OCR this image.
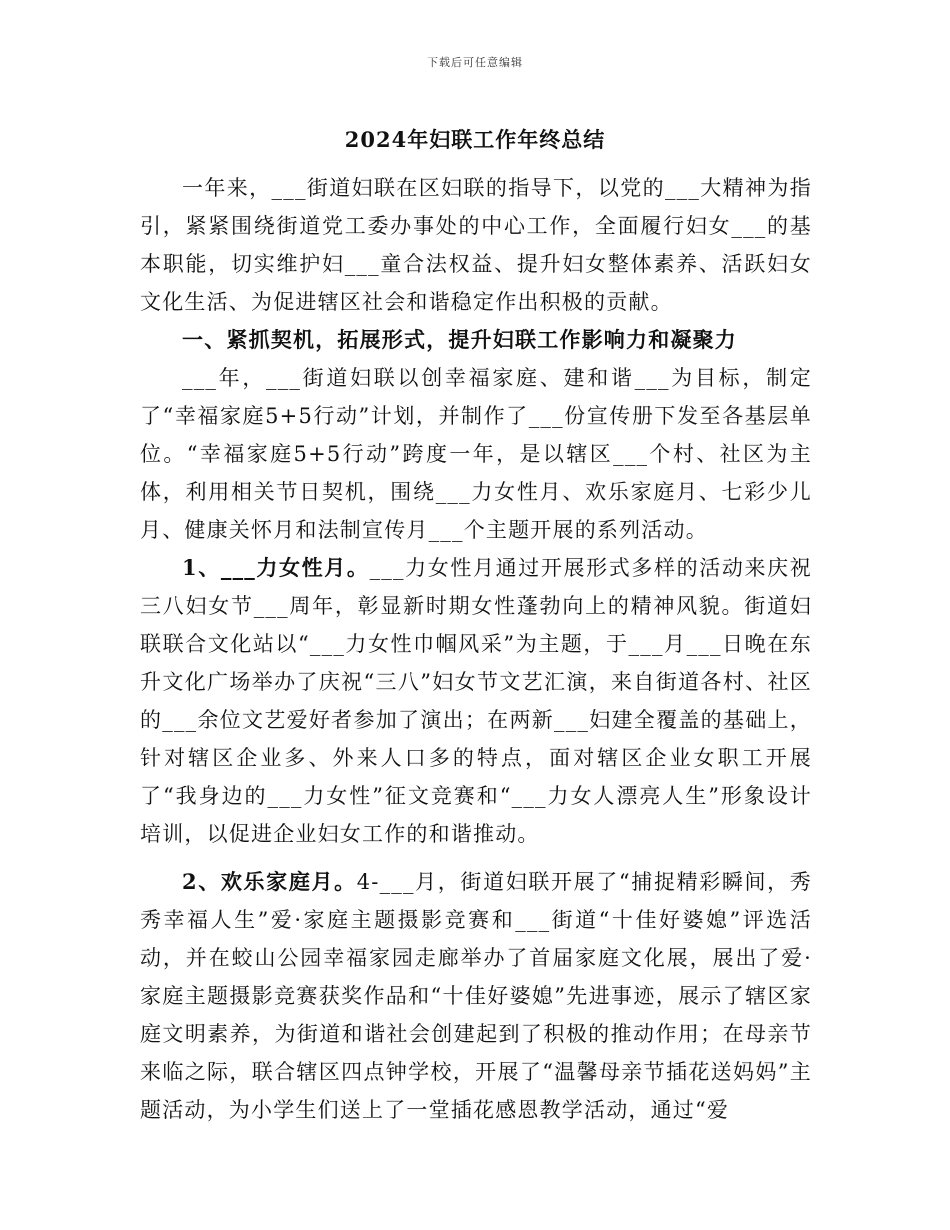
下载后可任意编辑
2024年妇联工作年终总结

一年来，___街道妇联在区妇联的指导下，以党的___大精神为指引，紧紧围绕街道党工委办事处的中心工作，全面履行妇女___的基本职能，切实维护妇___童合法权益、提升妇女整体素养、活跃妇女文化生活、为促进辖区社会和谐稳定作出积极的贡献。

一、紧抓契机，拓展形式，提升妇联工作影响力和凝聚力

___年，___街道妇联以创幸福家庭、建和谐___为目标，制定了“幸福家庭5+5行动”计划，并制作了___份宣传册下发至各基层单位。“幸福家庭5+5行动”跨度一年，是以辖区___个村、社区为主体，利用相关节日契机，围绕___力女性月、欢乐家庭月、七彩少儿月、健康关怀月和法制宣传月___个主题开展的系列活动。

1、___力女性月。___力女性月通过开展形式多样的活动来庆祝三八妇女节___周年，彰显新时期女性蓬勃向上的精神风貌。街道妇联联合文化站以“___力女性巾帼风采”为主题，于___月___日晚在东升文化广场举办了庆祝“三八”妇女节文艺汇演，来自街道各村、社区的___余位文艺爱好者参加了演出；在两新___妇建全覆盖的基础上，针对辖区企业多、外来人口多的特点，面对辖区企业女职工开展了“我身边的___力女性”征文竞赛和“___力女人漂亮人生”形象设计培训，以促进企业妇女工作的和谐推动。

2、欢乐家庭月。4-___月，街道妇联开展了“捕捉精彩瞬间，秀秀幸福人生”爱·家庭主题摄影竞赛和___街道“十佳好婆媳”评选活动，并在蛟山公园幸福家园走廊举办了首届家庭文化展，展出了爱·家庭主题摄影竞赛获奖作品和“十佳好婆媳”先进事迹，展示了辖区家庭文明素养，为街道和谐社会创建起到了积极的推动作用；在母亲节来临之际，联合辖区四点钟学校，开展了“温馨母亲节插花送妈妈”主题活动，为小学生们送上了一堂插花感恩教学活动，通过“爱
